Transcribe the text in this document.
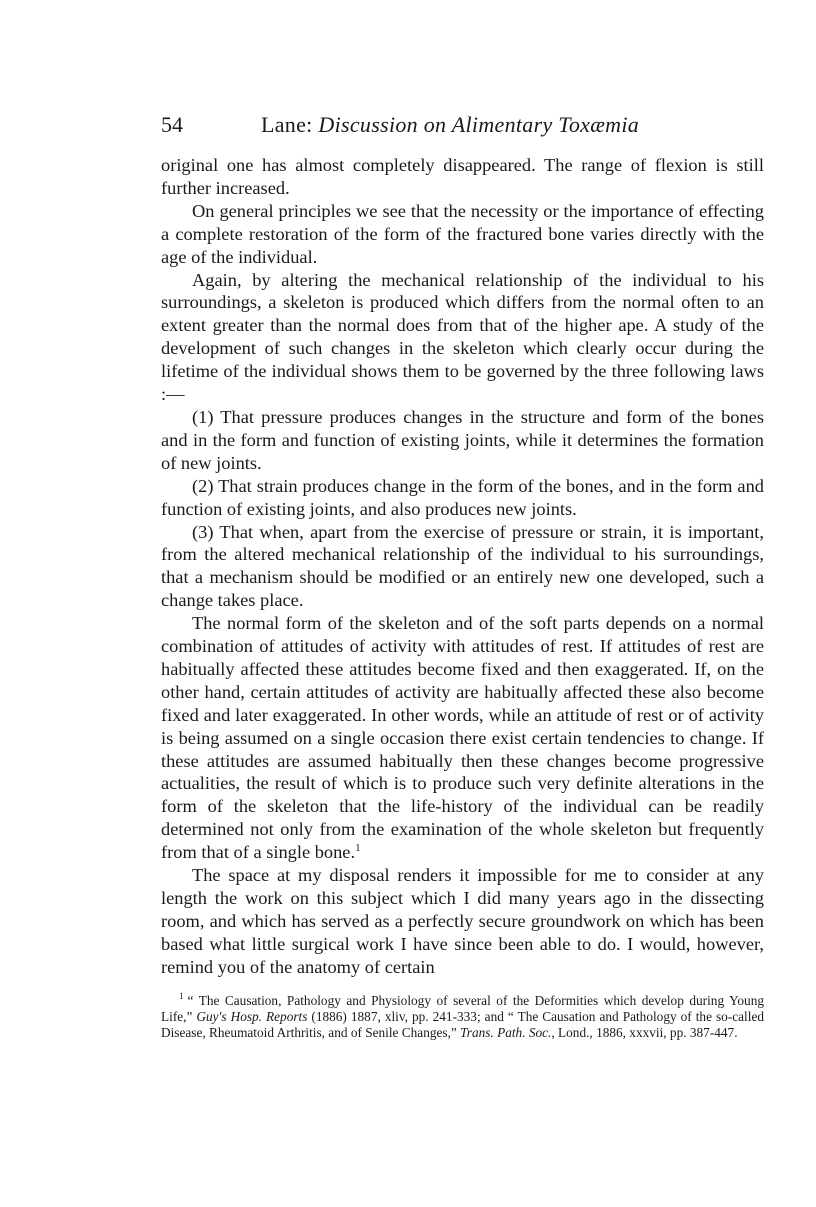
54	Lane: Discussion on Alimentary Toxæmia

original one has almost completely disappeared. The range of flexion is still further increased.

On general principles we see that the necessity or the importance of effecting a complete restoration of the form of the fractured bone varies directly with the age of the individual.

Again, by altering the mechanical relationship of the individual to his surroundings, a skeleton is produced which differs from the normal often to an extent greater than the normal does from that of the higher ape. A study of the development of such changes in the skeleton which clearly occur during the lifetime of the individual shows them to be governed by the three following laws :—

(1) That pressure produces changes in the structure and form of the bones and in the form and function of existing joints, while it determines the formation of new joints.

(2) That strain produces change in the form of the bones, and in the form and function of existing joints, and also produces new joints.

(3) That when, apart from the exercise of pressure or strain, it is important, from the altered mechanical relationship of the individual to his surroundings, that a mechanism should be modified or an entirely new one developed, such a change takes place.

The normal form of the skeleton and of the soft parts depends on a normal combination of attitudes of activity with attitudes of rest. If attitudes of rest are habitually affected these attitudes become fixed and then exaggerated. If, on the other hand, certain attitudes of activity are habitually affected these also become fixed and later exaggerated. In other words, while an attitude of rest or of activity is being assumed on a single occasion there exist certain tendencies to change. If these attitudes are assumed habitually then these changes become progressive actualities, the result of which is to produce such very definite alterations in the form of the skeleton that the life-history of the individual can be readily determined not only from the examination of the whole skeleton but frequently from that of a single bone.$^1$

The space at my disposal renders it impossible for me to consider at any length the work on this subject which I did many years ago in the dissecting room, and which has served as a perfectly secure groundwork on which has been based what little surgical work I have since been able to do. I would, however, remind you of the anatomy of certain

$^1$ “ The Causation, Pathology and Physiology of several of the Deformities which develop during Young Life,” Guy's Hosp. Reports (1886) 1887, xliv, pp. 241-333; and “ The Causation and Pathology of the so-called Disease, Rheumatoid Arthritis, and of Senile Changes,” Trans. Path. Soc., Lond., 1886, xxxvii, pp. 387-447.
